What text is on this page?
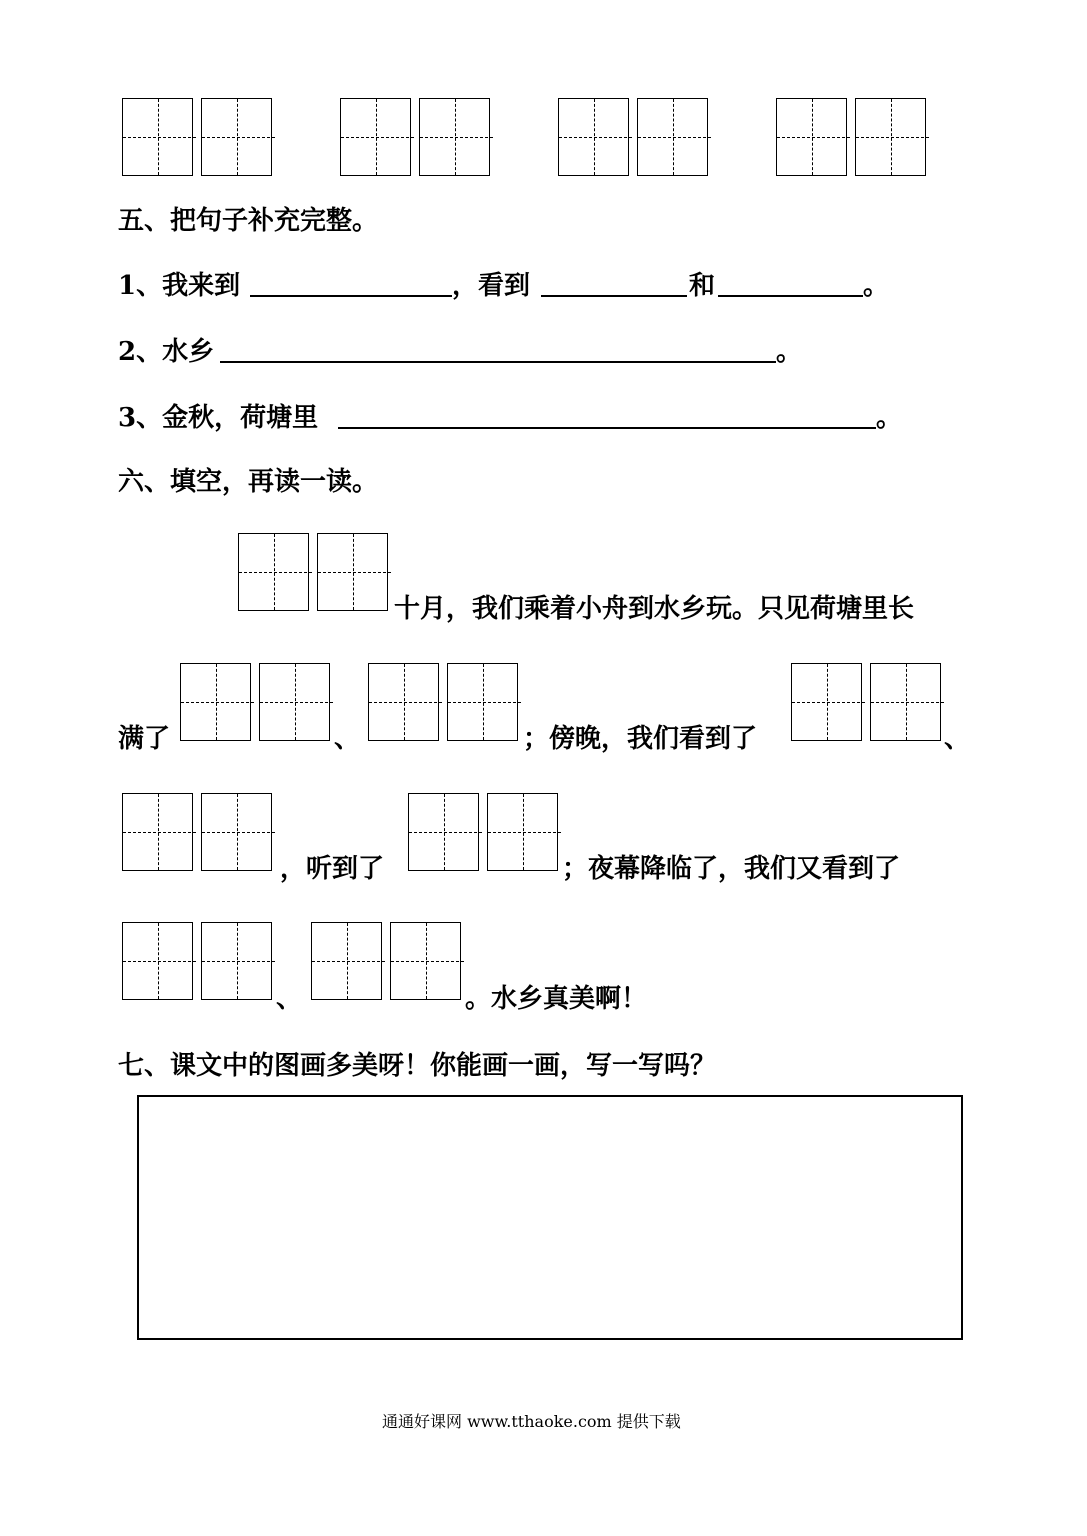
五、把句子补充完整。
1、我来到	，看到	和	。
2、水乡	。
3、金秋，荷塘里	。
六、填空，再读一读。
十月，我们乘着小舟到水乡玩。只见荷塘里长
满了	、	；傍晚，我们看到了	、
，听到了	；夜幕降临了，我们又看到了
、	。水乡真美啊！
七、课文中的图画多美呀！你能画一画，写一写吗？
通通好课网 www.tthaoke.com 提供下载
